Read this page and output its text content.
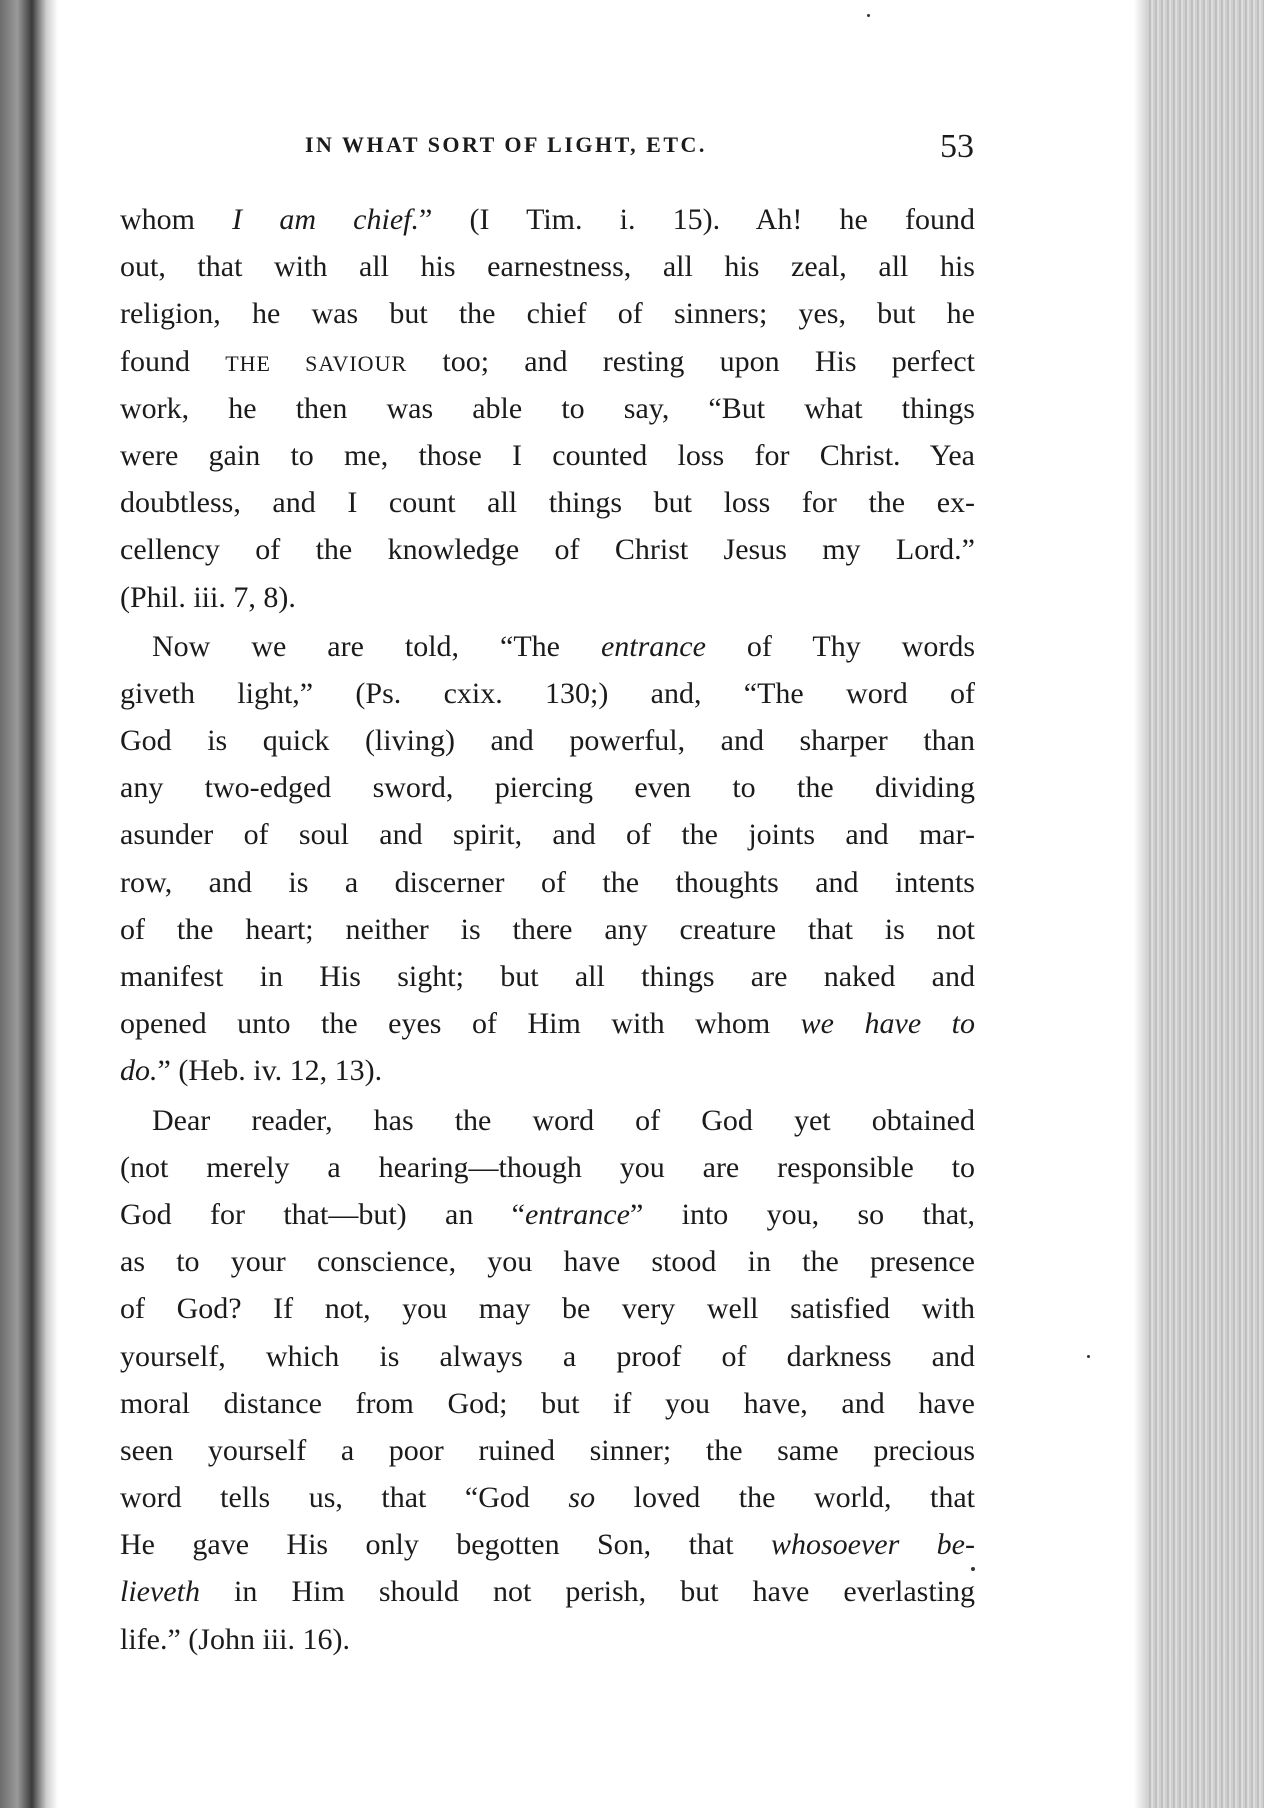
IN WHAT SORT OF LIGHT, ETC.	53
whom I am chief.” (I Tim. i. 15). Ah! he found
out, that with all his earnestness, all his zeal, all his
religion, he was but the chief of sinners; yes, but he
found THE SAVIOUR too; and resting upon His perfect
work, he then was able to say, “But what things
were gain to me, those I counted loss for Christ. Yea
doubtless, and I count all things but loss for the ex-
cellency of the knowledge of Christ Jesus my Lord.”
(Phil. iii. 7, 8).
Now we are told, “The entrance of Thy words
giveth light,” (Ps. cxix. 130;) and, “The word of
God is quick (living) and powerful, and sharper than
any two-edged sword, piercing even to the dividing
asunder of soul and spirit, and of the joints and mar-
row, and is a discerner of the thoughts and intents
of the heart; neither is there any creature that is not
manifest in His sight; but all things are naked and
opened unto the eyes of Him with whom we have to
do.” (Heb. iv. 12, 13).
Dear reader, has the word of God yet obtained
(not merely a hearing—though you are responsible to
God for that—but) an “entrance” into you, so that,
as to your conscience, you have stood in the presence
of God? If not, you may be very well satisfied with
yourself, which is always a proof of darkness and
moral distance from God; but if you have, and have
seen yourself a poor ruined sinner; the same precious
word tells us, that “God so loved the world, that
He gave His only begotten Son, that whosoever be-
lieveth in Him should not perish, but have everlasting
life.” (John iii. 16).
